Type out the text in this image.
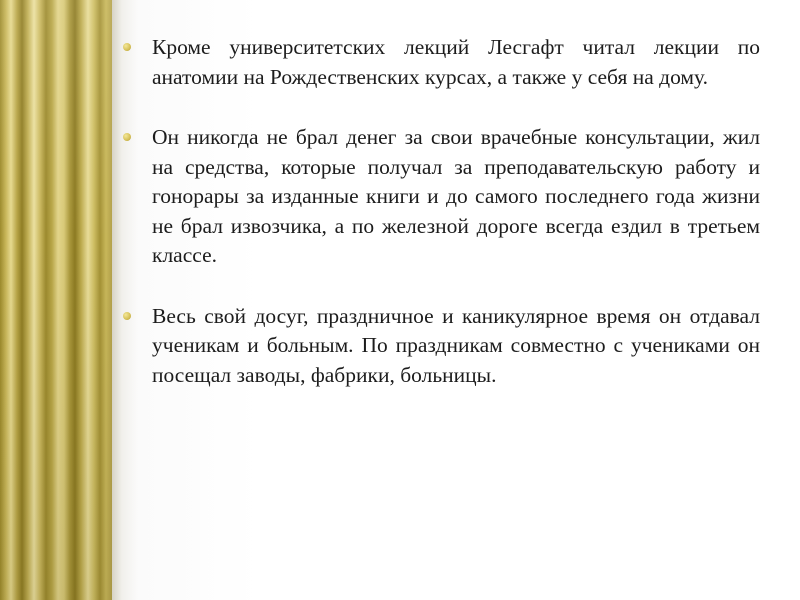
Кроме университетских лекций Лесгафт читал лекции по анатомии на Рождественских курсах, а также у себя на дому.

Он никогда не брал денег за свои врачебные консультации, жил на средства, которые получал за преподавательскую работу и гонорары за изданные книги и до самого последнего года жизни не брал извозчика, а по железной дороге всегда ездил в третьем классе.

Весь свой досуг, праздничное и каникулярное время он отдавал ученикам и больным. По праздникам совместно с учениками он посещал заводы, фабрики, больницы.
